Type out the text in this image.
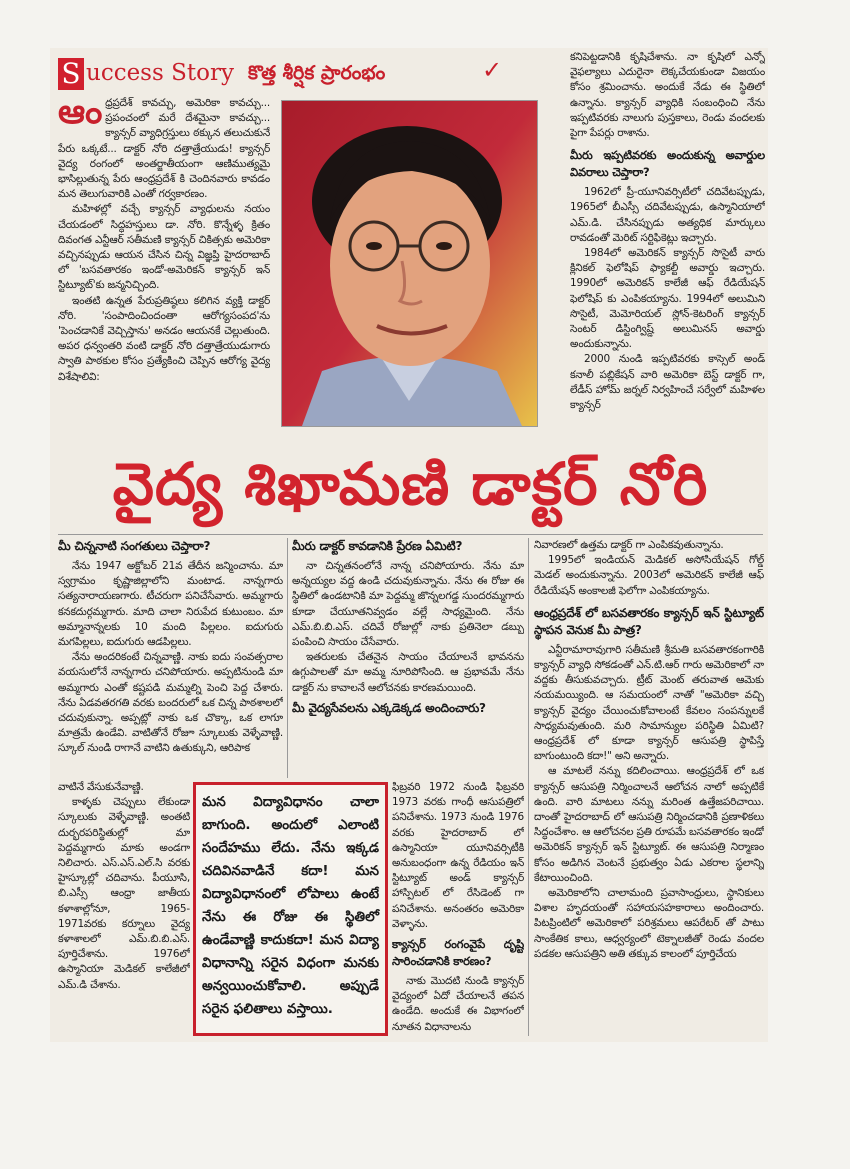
S uccess Story కొత్త శీర్షిక ప్రారంభం	✓
ఆంధ్రప్రదేశ్ కావచ్చు, అమెరికా కావచ్చు... ప్రపంచంలో మరే దేశమైనా కావచ్చు... క్యాన్సర్ వ్యాధిగ్రస్తులు ఠక్కున తలుచుకునే పేరు ఒక్కటే... డాక్టర్ నోరి దత్తాత్రేయుడు! క్యాన్సర్ వైద్య రంగంలో అంతర్జాతీయంగా ఆణిముత్యమై భాసిల్లుతున్న పేరు ఆంధ్రప్రదేశ్ కి చెందినవారు కావడం మన తెలుగువారికి ఎంతో గర్వకారణం.
మహిళల్లో వచ్చే క్యాన్సర్ వ్యాధులను నయం చేయడంలో సిద్ధహస్తులు డా. నోరి. కొన్నేళ్ళ క్రితం దివంగత ఎన్టీఆర్ సతీమణి క్యాన్సర్ చికిత్సకు అమెరికా వచ్చినప్పుడు ఆయన చేసిన చిన్న విజ్ఞప్తి హైదరాబాద్ లో 'బసవతారకం ఇండో-అమెరికన్ క్యాన్సర్ ఇన్ స్టిట్యూట్'కు జన్మనిచ్చింది.
ఇంతటి ఉన్నత పేరుప్రతిష్ఠలు కలిగిన వ్యక్తి డాక్టర్ నోరి. 'సంపాదించిందంతా ఆరోగ్యసంపద'ను 'పెంచడానికే వెచ్చిస్తాను' అనడం ఆయనకే చెల్లుతుంది. అపర ధన్వంతరి వంటి డాక్టర్ నోరి దత్తాత్రేయుడుగారు స్వాతి పాఠకుల కోసం ప్రత్యేకించి చెప్పిన ఆరోగ్య వైద్య విశేషాలివి:
కనిపెట్టడానికి కృషిచేశాను. నా కృషిలో ఎన్నో వైఫల్యాలు ఎదురైనా లెక్కచేయకుండా విజయం కోసం శ్రమించాను. అందుకే నేడు ఈ స్థితిలో ఉన్నాను. క్యాన్సర్ వ్యాధికి సంబంధించి నేను ఇప్పటివరకు నాలుగు పుస్తకాలు, రెండు వందలకు పైగా పేపర్లు రాశాను.
మీరు ఇప్పటివరకు అందుకున్న అవార్డుల వివరాలు చెప్తారా?
1962లో ప్రీ-యూనివర్సిటీలో చదివేటప్పుడు, 1965లో బీఎస్సీ చదివేటప్పుడు, ఉస్మానియాలో ఎమ్.డి. చేసినప్పుడు అత్యధిక మార్కులు రావడంతో మెరిట్ సర్టిఫికెట్లు ఇచ్చారు.
1984లో అమెరికన్ క్యాన్సర్ సొసైటీ వారు క్లినికల్ ఫెలోషిప్ ఫ్యాకల్టీ అవార్డు ఇచ్చారు. 1990లో అమెరికన్ కాలేజీ ఆఫ్ రేడియేషన్ ఫెలోషిప్ కు ఎంపికయ్యాను. 1994లో అలుమిని సొసైటీ, మెమోరియల్ స్లోన్-కెటరింగ్ క్యాన్సర్ సెంటర్ డిస్టింగ్విష్డ్ అలుమినస్ అవార్డు అందుకున్నాను.
2000 నుండి ఇప్పటివరకు కాస్సెల్ అండ్ కనాలీ పబ్లికేషన్ వారి అమెరికా బెస్ట్ డాక్టర్ గా, లేడీస్ హోమ్ జర్నల్ నిర్వహించే సర్వేలో మహిళల క్యాన్సర్
వైద్య శిఖామణి డాక్టర్ నోరి
మీ చిన్ననాటి సంగతులు చెప్తారా?
నేను 1947 అక్టోబర్ 21వ తేదీన జన్మించాను. మా స్వగ్రామం కృష్ణాజిల్లాలోని మంటాడ. నాన్నగారు సత్యనారాయణగారు. టీచరుగా పనిచేసేవారు. అమ్మగారు కనకదుర్గమ్మగారు. మాది చాలా నిరుపేద కుటుంబం. మా అమ్మానాన్నలకు 10 మంది పిల్లలం. ఐదుగురు మగపిల్లలు, ఐదుగురు ఆడపిల్లలు.
నేను అందరికంటే చిన్నవాణ్ణి. నాకు ఐదు సంవత్సరాల వయసులోనే నాన్నగారు చనిపోయారు. అప్పటినుండి మా అమ్మగారు ఎంతో కష్టపడి మమ్మల్ని పెంచి పెద్ద చేశారు. నేను ఏడవతరగతి వరకు బందరులో ఒక చిన్న పాఠశాలలో చదువుకున్నా. అప్పట్లో నాకు ఒక చొక్కా, ఒక లాగూ మాత్రమే ఉండేవి. వాటితోనే రోజూ స్కూలుకు వెళ్ళేవాణ్ణి. స్కూల్ నుండి రాగానే వాటిని ఉతుక్కుని, ఆరిపాక
వాటినే వేసుకునేవాణ్ణి.
కాళ్ళకు చెప్పులు లేకుండా స్కూలుకు వెళ్ళేవాణ్ణి. అంతటి దుర్భరపరిస్థితుల్లో మా పెద్దమ్మగారు మాకు అండగా నిలిచారు. ఎస్.ఎస్.ఎల్.సి వరకు హైస్కూల్లో చదివాను. పీయూసి, బి.ఎస్సీ ఆంధ్రా జాతీయ కళాశాల్లోనూ, 1965-1971వరకు కర్నూలు వైద్య కళాశాలలో ఎమ్.బి.బి.ఎస్. పూర్తిచేశాను. 1976లో ఉస్మానియా మెడికల్ కాలేజీలో ఎమ్.డి చేశాను.
మీరు డాక్టర్ కావడానికి ప్రేరణ ఏమిటి?
నా చిన్నతనంలోనే నాన్న చనిపోయారు. నేను మా అన్నయ్యల వద్ద ఉండి చదువుకున్నాను. నేను ఈ రోజు ఈ స్థితిలో ఉండటానికి మా పెద్దమ్మ జొన్నలగడ్డ సుందరమ్మగారు కూడా చేయూతనివ్వడం వల్లే సాధ్యమైంది. నేను ఎమ్.బి.బి.ఎస్. చదివే రోజుల్లో నాకు ప్రతినెలా డబ్బు పంపించి సాయం చేసేవారు.
ఇతరులకు చేతనైన సాయం చేయాలనే భావనను ఉగ్గుపాలతో మా అమ్మ నూరిపోసింది. ఆ ప్రభావమే నేను డాక్టర్ ను కావాలనే ఆలోచనకు కారణమయింది.
మీ వైద్యసేవలను ఎక్కడెక్కడ అందించారు?
ఫిబ్రవరి 1972 నుండి ఫిబ్రవరి 1973 వరకు గాంధీ ఆసుపత్రిలో పనిచేశాను. 1973 నుండి 1976 వరకు హైదరాబాద్ లో ఉస్మానియా యూనివర్సిటీకి అనుబంధంగా ఉన్న రేడియం ఇన్ స్టిట్యూట్ అండ్ క్యాన్సర్ హాస్పిటల్ లో రేసిడెంట్ గా పనిచేశాను. అనంతరం అమెరికా వెళ్ళాను.
క్యాన్సర్ రంగంవైపే దృష్టి సారించడానికి కారణం?
నాకు మొదటి నుండి క్యాన్సర్ వైద్యంలో ఏదో చేయాలనే తపన ఉండేది. అందుకే ఈ విభాగంలో నూతన విధానాలను
మన విద్యావిధానం చాలా బాగుంది. అందులో ఎలాంటి సందేహము లేదు. నేను ఇక్కడ చదివినవాడినే కదా! మన విద్యావిధానంలో లోపాలు ఉంటే నేను ఈ రోజు ఈ స్థితిలో ఉండేవాణ్ణి కాదుకదా! మన విద్యా విధానాన్ని సరైన విధంగా మనకు అన్వయించుకోవాలి. అప్పుడే సరైన ఫలితాలు వస్తాయి.
నివారణలో ఉత్తమ డాక్టర్ గా ఎంపికవుతున్నాను.
1995లో ఇండియన్ మెడికల్ అసోసియేషన్ గోల్డ్ మెడల్ అందుకున్నాను. 2003లో అమెరికన్ కాలేజీ ఆఫ్ రేడియేషన్ అంకాలజీ ఫెలోగా ఎంపికయ్యాను.
ఆంధ్రప్రదేశ్ లో బసవతారకం క్యాన్సర్ ఇన్ స్టిట్యూట్ స్థాపన వెనుక మీ పాత్ర?
ఎన్టీరామారావుగారి సతీమణి శ్రీమతి బసవతారకంగారికి క్యాన్సర్ వ్యాధి సోకడంతో ఎన్.టి.ఆర్ గారు అమెరికాలో నా వద్దకు తీసుకువచ్చారు. ట్రీట్ మెంట్ తరువాత ఆమెకు నయమయ్యింది. ఆ సమయంలో నాతో "అమెరికా వచ్చి క్యాన్సర్ వైద్యం చేయించుకోవాలంటే కేవలం సంపన్నులకే సాధ్యమవుతుంది. మరి సామాన్యుల పరిస్థితి ఏమిటి? ఆంధ్రప్రదేశ్ లో కూడా క్యాన్సర్ ఆసుపత్రి స్థాపిస్తే బాగుంటుంది కదా!" అని అన్నారు.
ఆ మాటలే నన్ను కదిలించాయి. ఆంధ్రప్రదేశ్ లో ఒక క్యాన్సర్ ఆసుపత్రి నిర్మించాలనే ఆలోచన నాలో అప్పటికే ఉంది. వారి మాటలు నన్ను మరింత ఉత్తేజపరిచాయి. దాంతో హైదరాబాద్ లో ఆసుపత్రి నిర్మించడానికి ప్రణాళికలు సిద్ధంచేశాం. ఆ ఆలోచనల ప్రతి రూపమే బసవతారకం ఇండో అమెరికన్ క్యాన్సర్ ఇన్ స్టిట్యూట్. ఈ ఆసుపత్రి నిర్మాణం కోసం అడిగిన వెంటనే ప్రభుత్వం ఏడు ఎకరాల స్థలాన్ని కేటాయించింది.
అమెరికాలోని చాలామంది ప్రవాసాంధ్రులు, స్థానికులు విశాల హృదయంతో సహాయసహకారాలు అందించారు. పిటప్రింటిలో అమెరికాలో పరిశ్రమలు ఆపరేటర్ తో పాటు సాంకేతిక కాలు, ఆధ్వర్యంలో టెక్నాలజీతో రెండు వందల పడకల ఆసుపత్రిని అతి తక్కువ కాలంలో పూర్తిచేయ
